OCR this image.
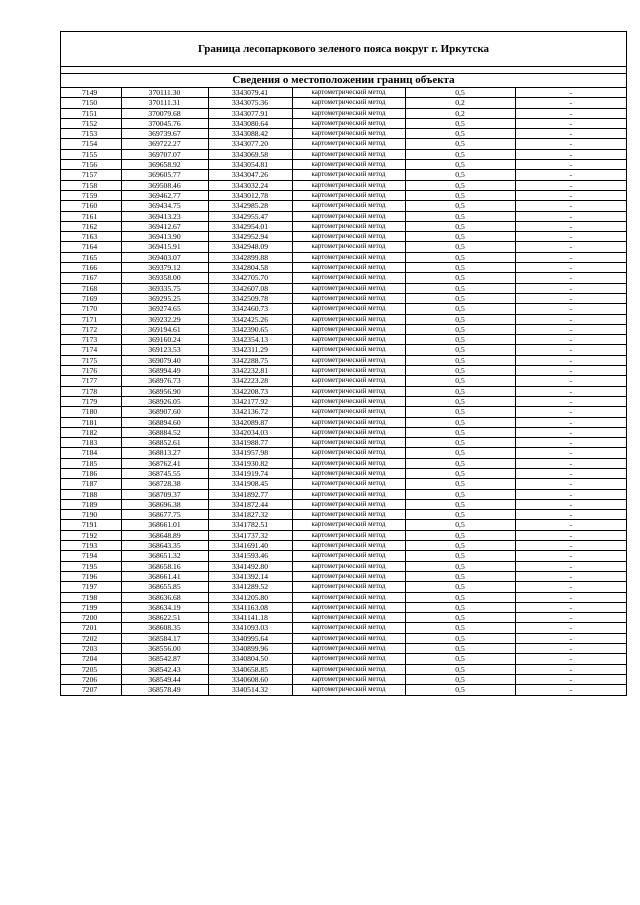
Граница лесопаркового зеленого пояса вокруг г. Иркутска
Сведения о местоположении границ объекта
7149	370111.30	3343079.41	картометрический метод	0,5	-
7150	370111.31	3343075.36	картометрический метод	0,2	-
7151	370079.68	3343077.91	картометрический метод	0,2	-
7152	370045.76	3343080.64	картометрический метод	0,5	-
7153	369739.67	3343088.42	картометрический метод	0,5	-
7154	369722.27	3343077.20	картометрический метод	0,5	-
7155	369707.07	3343069.58	картометрический метод	0,5	-
7156	369658.92	3343054.81	картометрический метод	0,5	-
7157	369605.77	3343047.26	картометрический метод	0,5	-
7158	369508.46	3343032.24	картометрический метод	0,5	-
7159	369462.77	3343012.78	картометрический метод	0,5	-
7160	369434.75	3342985.28	картометрический метод	0,5	-
7161	369413.23	3342955.47	картометрический метод	0,5	-
7162	369412.67	3342954.01	картометрический метод	0,5	-
7163	369413.90	3342952.94	картометрический метод	0,5	-
7164	369415.91	3342948.09	картометрический метод	0,5	-
7165	369403.07	3342899.88	картометрический метод	0,5	-
7166	369379.12	3342804.58	картометрический метод	0,5	-
7167	369358.00	3342705.70	картометрический метод	0,5	-
7168	369335.75	3342607.08	картометрический метод	0,5	-
7169	369295.25	3342509.78	картометрический метод	0,5	-
7170	369274.65	3342460.73	картометрический метод	0,5	-
7171	369232.29	3342425.26	картометрический метод	0,5	-
7172	369194.61	3342390.65	картометрический метод	0,5	-
7173	369160.24	3342354.13	картометрический метод	0,5	-
7174	369123.53	3342311.29	картометрический метод	0,5	-
7175	369079.40	3342288.75	картометрический метод	0,5	-
7176	368994.49	3342232.81	картометрический метод	0,5	-
7177	368976.73	3342223.28	картометрический метод	0,5	-
7178	368956.90	3342208.73	картометрический метод	0,5	-
7179	368926.05	3342177.92	картометрический метод	0,5	-
7180	368907.60	3342136.72	картометрический метод	0,5	-
7181	368894.60	3342089.87	картометрический метод	0,5	-
7182	368884.52	3342034.03	картометрический метод	0,5	-
7183	368852.61	3341988.77	картометрический метод	0,5	-
7184	368813.27	3341957.98	картометрический метод	0,5	-
7185	368762.41	3341930.82	картометрический метод	0,5	-
7186	368745.55	3341919.74	картометрический метод	0,5	-
7187	368728.38	3341908.45	картометрический метод	0,5	-
7188	368709.37	3341892.77	картометрический метод	0,5	-
7189	368696.38	3341872.44	картометрический метод	0,5	-
7190	368677.75	3341827.32	картометрический метод	0,5	-
7191	368661.01	3341782.51	картометрический метод	0,5	-
7192	368648.89	3341737.32	картометрический метод	0,5	-
7193	368643.35	3341691.40	картометрический метод	0,5	-
7194	368651.32	3341593.46	картометрический метод	0,5	-
7195	368658.16	3341492.80	картометрический метод	0,5	-
7196	368661.41	3341392.14	картометрический метод	0,5	-
7197	368655.85	3341289.52	картометрический метод	0,5	-
7198	368636.68	3341205.80	картометрический метод	0,5	-
7199	368634.19	3341163.08	картометрический метод	0,5	-
7200	368622.51	3341141.18	картометрический метод	0,5	-
7201	368608.35	3341093.03	картометрический метод	0,5	-
7202	368584.17	3340995.64	картометрический метод	0,5	-
7203	368556.00	3340899.96	картометрический метод	0,5	-
7204	368542.87	3340804.50	картометрический метод	0,5	-
7205	368542.43	3340658.85	картометрический метод	0,5	-
7206	368549.44	3340608.60	картометрический метод	0,5	-
7207	368578.49	3340514.32	картометрический метод	0,5	-
